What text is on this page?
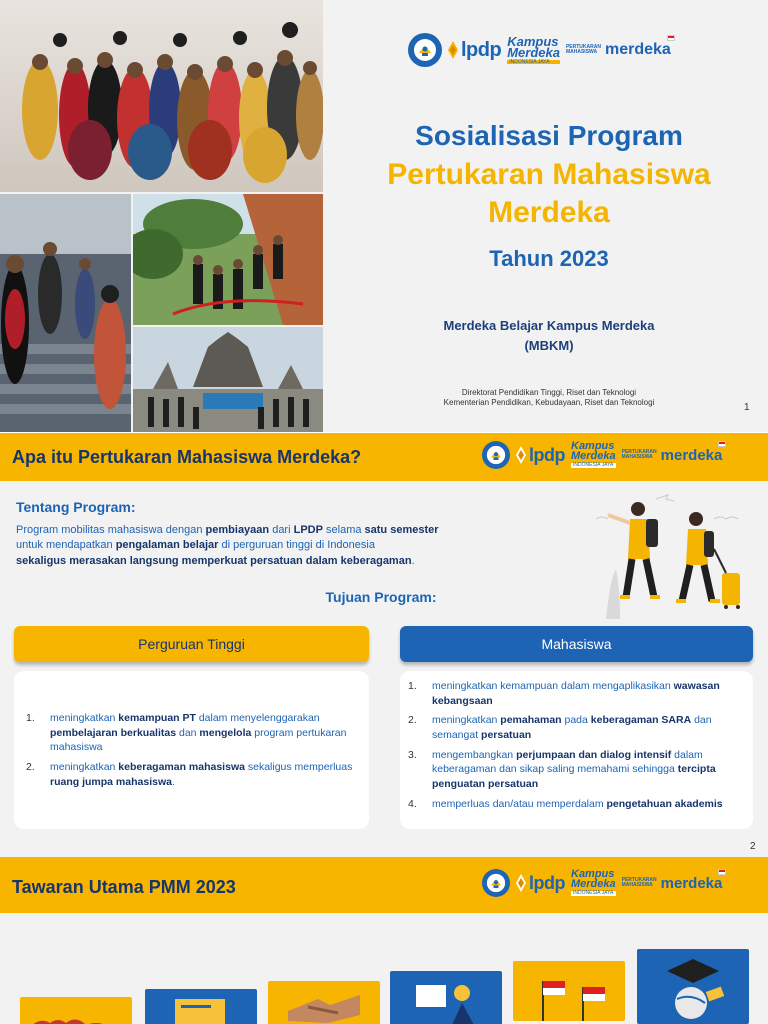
lpdp Kampus
Merdeka
INDONESIA JAYA
PERTUKARAN
MAHASISWA merdeka
Sosialisasi Program
Pertukaran Mahasiswa
Merdeka
Tahun 2023
Merdeka Belajar Kampus Merdeka
(MBKM)
Direktorat Pendidikan Tinggi, Riset dan Teknologi
Kementerian Pendidikan, Kebudayaan, Riset dan Teknologi	1
Apa itu Pertukaran Mahasiswa Merdeka?	lpdp Kampus
Merdeka
INDONESIA JAYA
PERTUKARAN
MAHASISWA merdeka
Tentang Program:
Program mobilitas mahasiswa dengan pembiayaan dari LPDP selama satu semester
untuk mendapatkan pengalaman belajar di perguruan tinggi di Indonesia
sekaligus merasakan langsung memperkuat persatuan dalam keberagaman.
Tujuan Program:
Perguruan Tinggi	Mahasiswa
1.	meningkatkan kemampuan PT dalam menyelenggarakan pembelajaran berkualitas dan mengelola program pertukaran mahasiswa
2.	meningkatkan keberagaman mahasiswa sekaligus memperluas ruang jumpa mahasiswa.
1.	meningkatkan kemampuan dalam mengaplikasikan wawasan kebangsaan
2.	meningkatkan pemahaman pada keberagaman SARA dan semangat persatuan
3.	mengembangkan perjumpaan dan dialog intensif dalam keberagaman dan sikap saling memahami sehingga tercipta penguatan persatuan
4.	memperluas dan/atau memperdalam pengetahuan akademis
2
Tawaran Utama PMM 2023	lpdp Kampus
Merdeka
INDONESIA JAYA
PERTUKARAN
MAHASISWA merdeka
